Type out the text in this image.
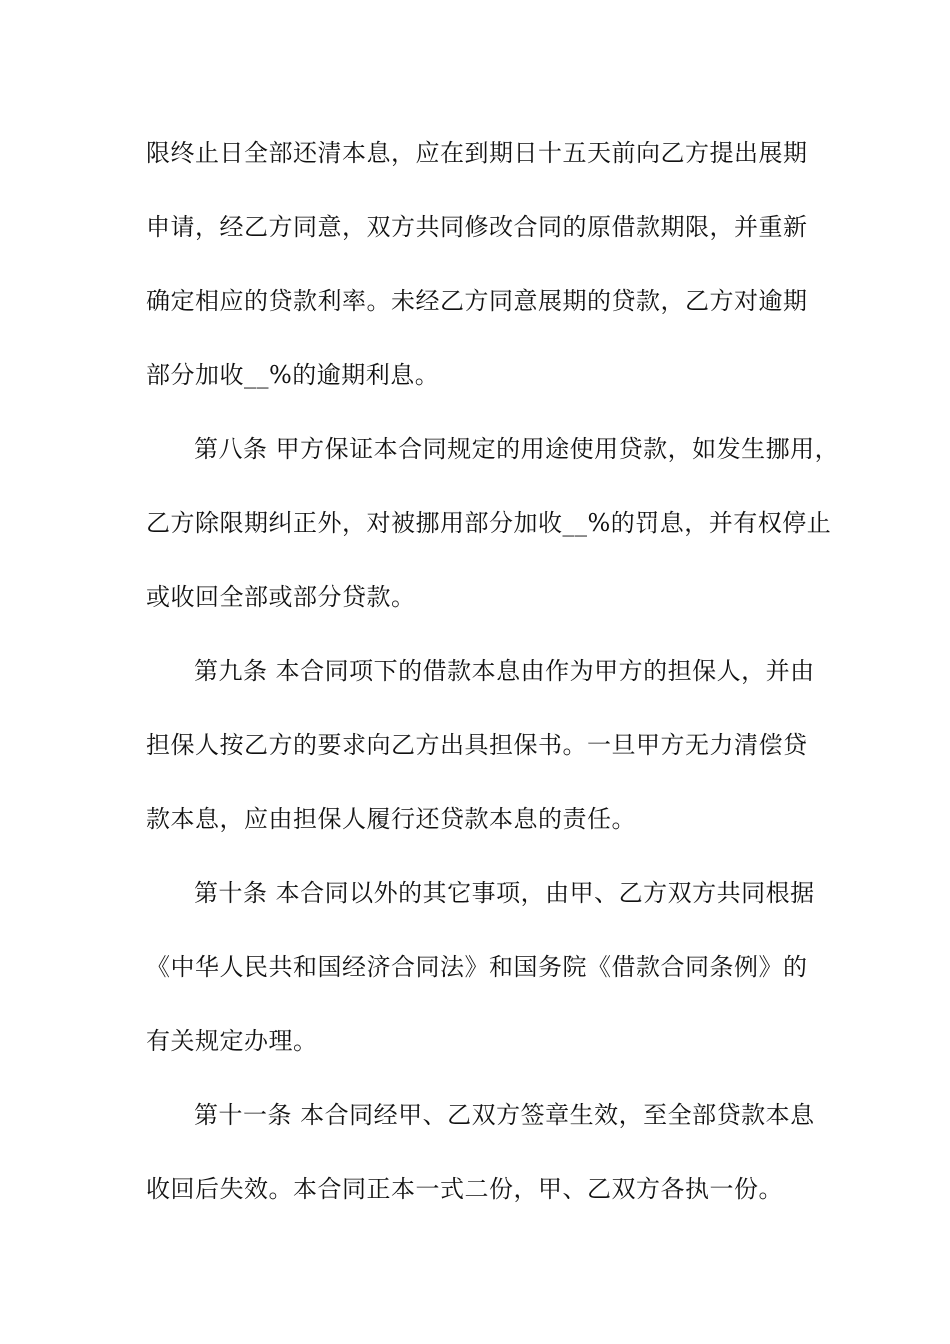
限终止日全部还清本息，应在到期日十五天前向乙方提出展期
申请，经乙方同意，双方共同修改合同的原借款期限，并重新
确定相应的贷款利率。未经乙方同意展期的贷款，乙方对逾期
部分加收__%的逾期利息。
第八条 甲方保证本合同规定的用途使用贷款，如发生挪用，
乙方除限期纠正外，对被挪用部分加收__%的罚息，并有权停止
或收回全部或部分贷款。
第九条 本合同项下的借款本息由作为甲方的担保人，并由
担保人按乙方的要求向乙方出具担保书。一旦甲方无力清偿贷
款本息，应由担保人履行还贷款本息的责任。
第十条 本合同以外的其它事项，由甲、乙方双方共同根据
《中华人民共和国经济合同法》和国务院《借款合同条例》的
有关规定办理。
第十一条 本合同经甲、乙双方签章生效，至全部贷款本息
收回后失效。本合同正本一式二份，甲、乙双方各执一份。
